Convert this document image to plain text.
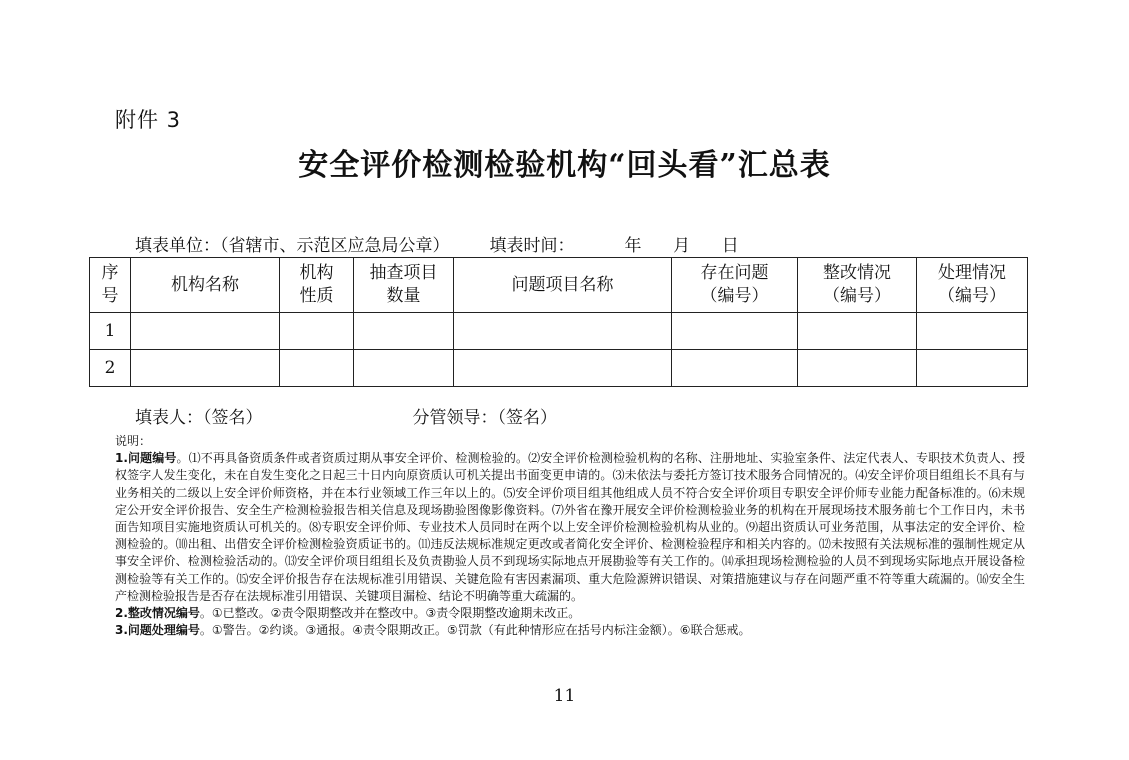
附件 3
安全评价检测检验机构“回头看”汇总表
填表单位：（省辖市、示范区应急局公章） 填表时间：	年    月    日
序号	机构名称	机构性质	抽查项目数量	问题项目名称	存在问题（编号）	整改情况（编号）	处理情况（编号）
1							
2							
填表人：（签名）	分管领导：（签名）

说明：

1.问题编号。⑴不再具备资质条件或者资质过期从事安全评价、检测检验的。⑵安全评价检测检验机构的名称、注册地址、实验室条件、法定代表人、专职技术负责人、授权签字人发生变化，未在自发生变化之日起三十日内向原资质认可机关提出书面变更申请的。⑶未依法与委托方签订技术服务合同情况的。⑷安全评价项目组组长不具有与业务相关的二级以上安全评价师资格，并在本行业领域工作三年以上的。⑸安全评价项目组其他组成人员不符合安全评价项目专职安全评价师专业能力配备标准的。⑹未规定公开安全评价报告、安全生产检测检验报告相关信息及现场勘验图像影像资料。⑺外省在豫开展安全评价检测检验业务的机构在开展现场技术服务前七个工作日内，未书面告知项目实施地资质认可机关的。⑻专职安全评价师、专业技术人员同时在两个以上安全评价检测检验机构从业的。⑼超出资质认可业务范围，从事法定的安全评价、检测检验的。⑽出租、出借安全评价检测检验资质证书的。⑾违反法规标准规定更改或者简化安全评价、检测检验程序和相关内容的。⑿未按照有关法规标准的强制性规定从事安全评价、检测检验活动的。⒀安全评价项目组组长及负责勘验人员不到现场实际地点开展勘验等有关工作的。⒁承担现场检测检验的人员不到现场实际地点开展设备检测检验等有关工作的。⒂安全评价报告存在法规标准引用错误、关键危险有害因素漏项、重大危险源辨识错误、对策措施建议与存在问题严重不符等重大疏漏的。⒃安全生产检测检验报告是否存在法规标准引用错误、关键项目漏检、结论不明确等重大疏漏的。

2.整改情况编号。①已整改。②责令限期整改并在整改中。③责令限期整改逾期未改正。

3.问题处理编号。①警告。②约谈。③通报。④责令限期改正。⑤罚款（有此种情形应在括号内标注金额）。⑥联合惩戒。

11
